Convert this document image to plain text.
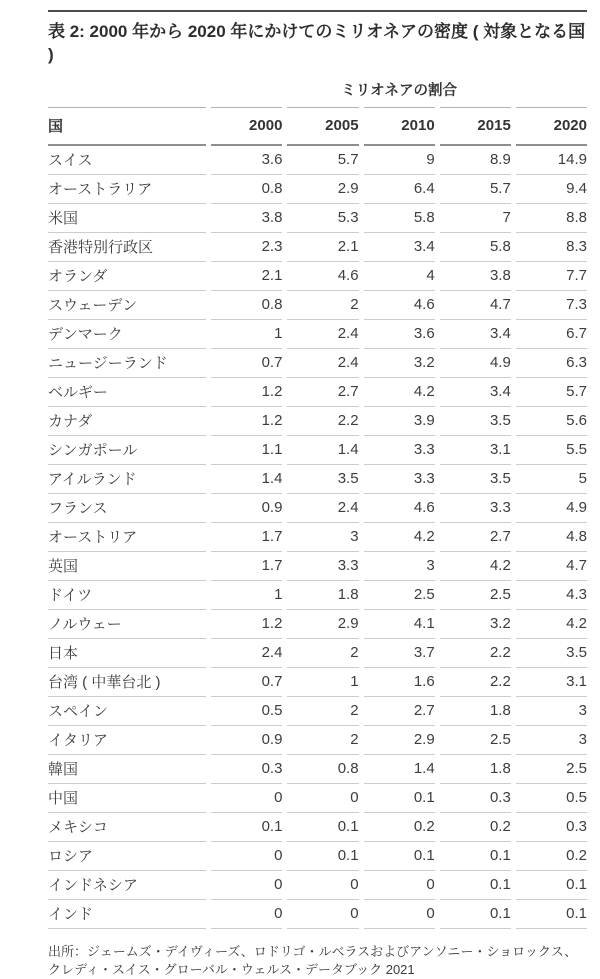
表 2: 2000 年から 2020 年にかけてのミリオネアの密度 ( 対象となる国 )
	ミリオネアの割合				
国	2000	2005	2010	2015	2020
スイス	3.6	5.7	9	8.9	14.9
オーストラリア	0.8	2.9	6.4	5.7	9.4
米国	3.8	5.3	5.8	7	8.8
香港特別行政区	2.3	2.1	3.4	5.8	8.3
オランダ	2.1	4.6	4	3.8	7.7
スウェーデン	0.8	2	4.6	4.7	7.3
デンマーク	1	2.4	3.6	3.4	6.7
ニュージーランド	0.7	2.4	3.2	4.9	6.3
ベルギー	1.2	2.7	4.2	3.4	5.7
カナダ	1.2	2.2	3.9	3.5	5.6
シンガポール	1.1	1.4	3.3	3.1	5.5
アイルランド	1.4	3.5	3.3	3.5	5
フランス	0.9	2.4	4.6	3.3	4.9
オーストリア	1.7	3	4.2	2.7	4.8
英国	1.7	3.3	3	4.2	4.7
ドイツ	1	1.8	2.5	2.5	4.3
ノルウェー	1.2	2.9	4.1	3.2	4.2
日本	2.4	2	3.7	2.2	3.5
台湾 ( 中華台北 )	0.7	1	1.6	2.2	3.1
スペイン	0.5	2	2.7	1.8	3
イタリア	0.9	2	2.9	2.5	3
韓国	0.3	0.8	1.4	1.8	2.5
中国	0	0	0.1	0.3	0.5
メキシコ	0.1	0.1	0.2	0.2	0.3
ロシア	0	0.1	0.1	0.1	0.2
インドネシア	0	0	0	0.1	0.1
インド	0	0	0	0.1	0.1
出所：ジェームズ・デイヴィーズ、ロドリゴ・ルベラスおよびアンソニー・ショロックス、
クレディ・スイス・グローバル・ウェルス・データブック 2021
